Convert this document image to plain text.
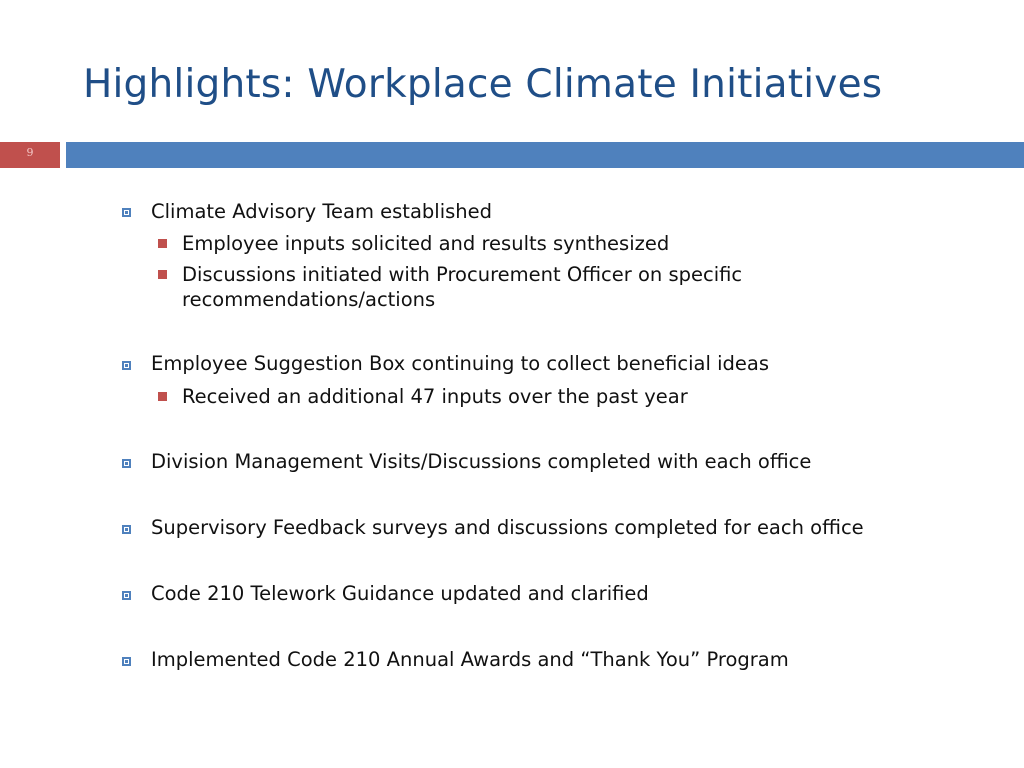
Highlights: Workplace Climate Initiatives
9
Climate Advisory Team established
Employee inputs solicited and results synthesized
Discussions initiated with Procurement Officer on specific
recommendations/actions
Employee Suggestion Box continuing to collect beneficial ideas
Received an additional 47 inputs over the past year
Division Management Visits/Discussions completed with each office
Supervisory Feedback surveys and discussions completed for each office
Code 210 Telework Guidance updated and clarified
Implemented Code 210 Annual Awards and “Thank You” Program
